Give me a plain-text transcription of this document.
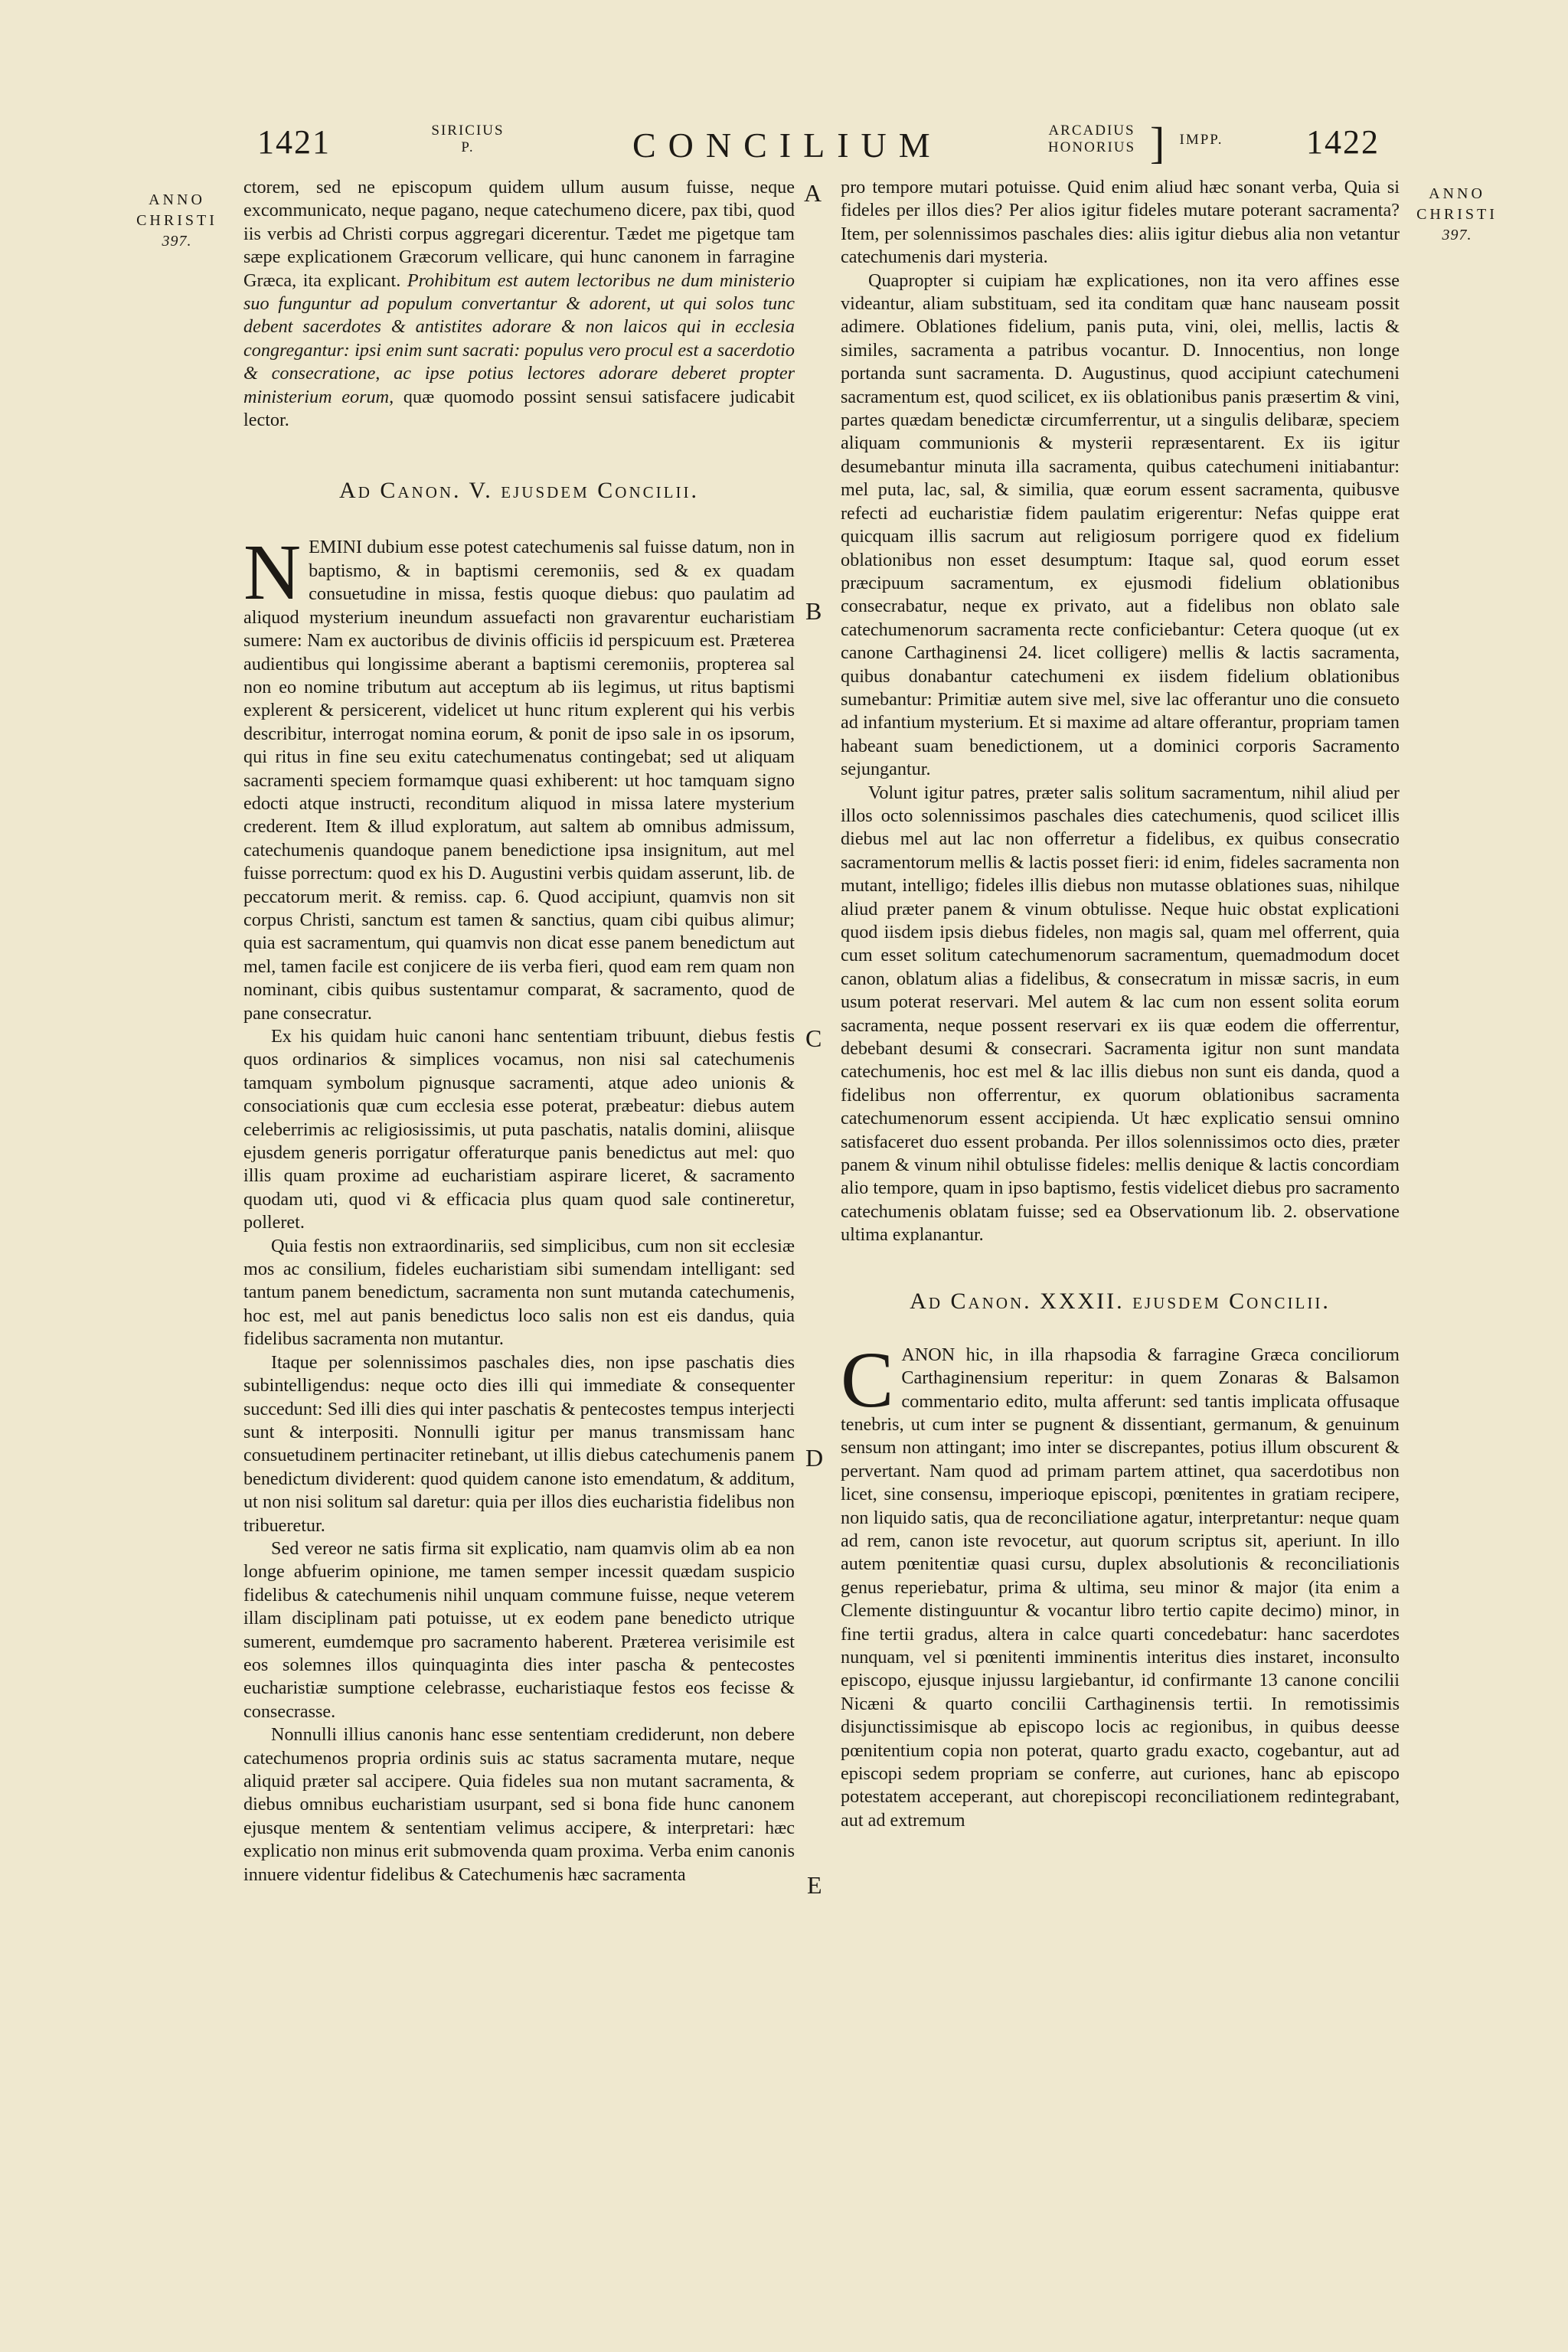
1421	SIRICIUS
P.	CONCILIUM	ARCADIUS
HONORIUS ]	IMPP.	1422
ANNO
CHRISTI
397.
ANNO
CHRISTI
397.
A
B
C
D
E

ctorem, sed ne episcopum quidem ullum ausum fuisse, neque excommunicato, neque pagano, neque catechumeno dicere, pax tibi, quod iis verbis ad Christi corpus aggregari dicerentur. Tædet me pigetque tam sæpe explicationem Græcorum vellicare, qui hunc canonem in farragine Græca, ita explicant. Prohibitum est autem lectoribus ne dum ministerio suo funguntur ad populum convertantur & adorent, ut qui solos tunc debent sacerdotes & antistites adorare & non laicos qui in ecclesia congregantur: ipsi enim sunt sacrati: populus vero procul est a sacerdotio & consecratione, ac ipse potius lectores adorare deberet propter ministerium eorum, quæ quomodo possint sensui satisfacere judicabit lector.

Ad Canon. V. ejusdem Concilii.

NEMINI dubium esse potest catechumenis sal fuisse datum, non in baptismo, & in baptismi ceremoniis, sed & ex quadam consuetudine in missa, festis quoque diebus: quo paulatim ad aliquod mysterium ineundum assuefacti non gravarentur eucharistiam sumere: Nam ex auctoribus de divinis officiis id perspicuum est. Præterea audientibus qui longissime aberant a baptismi ceremoniis, propterea sal non eo nomine tributum aut acceptum ab iis legimus, ut ritus baptismi explerent & persicerent, videlicet ut hunc ritum explerent qui his verbis describitur, interrogat nomina eorum, & ponit de ipso sale in os ipsorum, qui ritus in fine seu exitu catechumenatus contingebat; sed ut aliquam sacramenti speciem formamque quasi exhiberent: ut hoc tamquam signo edocti atque instructi, reconditum aliquod in missa latere mysterium crederent. Item & illud exploratum, aut saltem ab omnibus admissum, catechumenis quandoque panem benedictione ipsa insignitum, aut mel fuisse porrectum: quod ex his D. Augustini verbis quidam asserunt, lib. de peccatorum merit. & remiss. cap. 6. Quod accipiunt, quamvis non sit corpus Christi, sanctum est tamen & sanctius, quam cibi quibus alimur; quia est sacramentum, qui quamvis non dicat esse panem benedictum aut mel, tamen facile est conjicere de iis verba fieri, quod eam rem quam non nominant, cibis quibus sustentamur comparat, & sacramento, quod de pane consecratur.

Ex his quidam huic canoni hanc sententiam tribuunt, diebus festis quos ordinarios & simplices vocamus, non nisi sal catechumenis tamquam symbolum pignusque sacramenti, atque adeo unionis & consociationis quæ cum ecclesia esse poterat, præbeatur: diebus autem celeberrimis ac religiosissimis, ut puta paschatis, natalis domini, aliisque ejusdem generis porrigatur offeraturque panis benedictus aut mel: quo illis quam proxime ad eucharistiam aspirare liceret, & sacramento quodam uti, quod vi & efficacia plus quam quod sale contineretur, polleret.

Quia festis non extraordinariis, sed simplicibus, cum non sit ecclesiæ mos ac consilium, fideles eucharistiam sibi sumendam intelligant: sed tantum panem benedictum, sacramenta non sunt mutanda catechumenis, hoc est, mel aut panis benedictus loco salis non est eis dandus, quia fidelibus sacramenta non mutantur.

Itaque per solennissimos paschales dies, non ipse paschatis dies subintelligendus: neque octo dies illi qui immediate & consequenter succedunt: Sed illi dies qui inter paschatis & pentecostes tempus interjecti sunt & interpositi. Nonnulli igitur per manus transmissam hanc consuetudinem pertinaciter retinebant, ut illis diebus catechumenis panem benedictum dividerent: quod quidem canone isto emendatum, & additum, ut non nisi solitum sal daretur: quia per illos dies eucharistia fidelibus non tribueretur.

Sed vereor ne satis firma sit explicatio, nam quamvis olim ab ea non longe abfuerim opinione, me tamen semper incessit quædam suspicio fidelibus & catechumenis nihil unquam commune fuisse, neque veterem illam disciplinam pati potuisse, ut ex eodem pane benedicto utrique sumerent, eumdemque pro sacramento haberent. Præterea verisimile est eos solemnes illos quinquaginta dies inter pascha & pentecostes eucharistiæ sumptione celebrasse, eucharistiaque festos eos fecisse & consecrasse.

Nonnulli illius canonis hanc esse sententiam crediderunt, non debere catechumenos propria ordinis suis ac status sacramenta mutare, neque aliquid præter sal accipere. Quia fideles sua non mutant sacramenta, & diebus omnibus eucharistiam usurpant, sed si bona fide hunc canonem ejusque mentem & sententiam velimus accipere, & interpretari: hæc explicatio non minus erit submovenda quam proxima. Verba enim canonis innuere videntur fidelibus & Catechumenis hæc sacramenta

pro tempore mutari potuisse. Quid enim aliud hæc sonant verba, Quia si fideles per illos dies? Per alios igitur fideles mutare poterant sacramenta? Item, per solennissimos paschales dies: aliis igitur diebus alia non vetantur catechumenis dari mysteria.

Quapropter si cuipiam hæ explicationes, non ita vero affines esse videantur, aliam substituam, sed ita conditam quæ hanc nauseam possit adimere. Oblationes fidelium, panis puta, vini, olei, mellis, lactis & similes, sacramenta a patribus vocantur. D. Innocentius, non longe portanda sunt sacramenta. D. Augustinus, quod accipiunt catechumeni sacramentum est, quod scilicet, ex iis oblationibus panis præsertim & vini, partes quædam benedictæ circumferrentur, ut a singulis delibaræ, speciem aliquam communionis & mysterii repræsentarent. Ex iis igitur desumebantur minuta illa sacramenta, quibus catechumeni initiabantur: mel puta, lac, sal, & similia, quæ eorum essent sacramenta, quibusve refecti ad eucharistiæ fidem paulatim erigerentur: Nefas quippe erat quicquam illis sacrum aut religiosum porrigere quod ex fidelium oblationibus non esset desumptum: Itaque sal, quod eorum esset præcipuum sacramentum, ex ejusmodi fidelium oblationibus consecrabatur, neque ex privato, aut a fidelibus non oblato sale catechumenorum sacramenta recte conficiebantur: Cetera quoque (ut ex canone Carthaginensi 24. licet colligere) mellis & lactis sacramenta, quibus donabantur catechumeni ex iisdem fidelium oblationibus sumebantur: Primitiæ autem sive mel, sive lac offerantur uno die consueto ad infantium mysterium. Et si maxime ad altare offerantur, propriam tamen habeant suam benedictionem, ut a dominici corporis Sacramento sejungantur.

Volunt igitur patres, præter salis solitum sacramentum, nihil aliud per illos octo solennissimos paschales dies catechumenis, quod scilicet illis diebus mel aut lac non offerretur a fidelibus, ex quibus consecratio sacramentorum mellis & lactis posset fieri: id enim, fideles sacramenta non mutant, intelligo; fideles illis diebus non mutasse oblationes suas, nihilque aliud præter panem & vinum obtulisse. Neque huic obstat explicationi quod iisdem ipsis diebus fideles, non magis sal, quam mel offerrent, quia cum esset solitum catechumenorum sacramentum, quemadmodum docet canon, oblatum alias a fidelibus, & consecratum in missæ sacris, in eum usum poterat reservari. Mel autem & lac cum non essent solita eorum sacramenta, neque possent reservari ex iis quæ eodem die offerrentur, debebant desumi & consecrari. Sacramenta igitur non sunt mandata catechumenis, hoc est mel & lac illis diebus non sunt eis danda, quod a fidelibus non offerrentur, ex quorum oblationibus sacramenta catechumenorum essent accipienda. Ut hæc explicatio sensui omnino satisfaceret duo essent probanda. Per illos solennissimos octo dies, præter panem & vinum nihil obtulisse fideles: mellis denique & lactis concordiam alio tempore, quam in ipso baptismo, festis videlicet diebus pro sacramento catechumenis oblatam fuisse; sed ea Observationum lib. 2. observatione ultima explanantur.

Ad Canon. XXXII. ejusdem Concilii.

CANON hic, in illa rhapsodia & farragine Græca conciliorum Carthaginensium reperitur: in quem Zonaras & Balsamon commentario edito, multa afferunt: sed tantis implicata offusaque tenebris, ut cum inter se pugnent & dissentiant, germanum, & genuinum sensum non attingant; imo inter se discrepantes, potius illum obscurent & pervertant. Nam quod ad primam partem attinet, qua sacerdotibus non licet, sine consensu, imperioque episcopi, pœnitentes in gratiam recipere, non liquido satis, qua de reconciliatione agatur, interpretantur: neque quam ad rem, canon iste revocetur, aut quorum scriptus sit, aperiunt. In illo autem pœnitentiæ quasi cursu, duplex absolutionis & reconciliationis genus reperiebatur, prima & ultima, seu minor & major (ita enim a Clemente distinguuntur & vocantur libro tertio capite decimo) minor, in fine tertii gradus, altera in calce quarti concedebatur: hanc sacerdotes nunquam, vel si pœnitenti imminentis interitus dies instaret, inconsulto episcopo, ejusque injussu largiebantur, id confirmante 13 canone concilii Nicæni & quarto concilii Carthaginensis tertii. In remotissimis disjunctissimisque ab episcopo locis ac regionibus, in quibus deesse pœnitentium copia non poterat, quarto gradu exacto, cogebantur, aut ad episcopi sedem propriam se conferre, aut curiones, hanc ab episcopo potestatem acceperant, aut chorepiscopi reconciliationem redintegrabant, aut ad extremum
